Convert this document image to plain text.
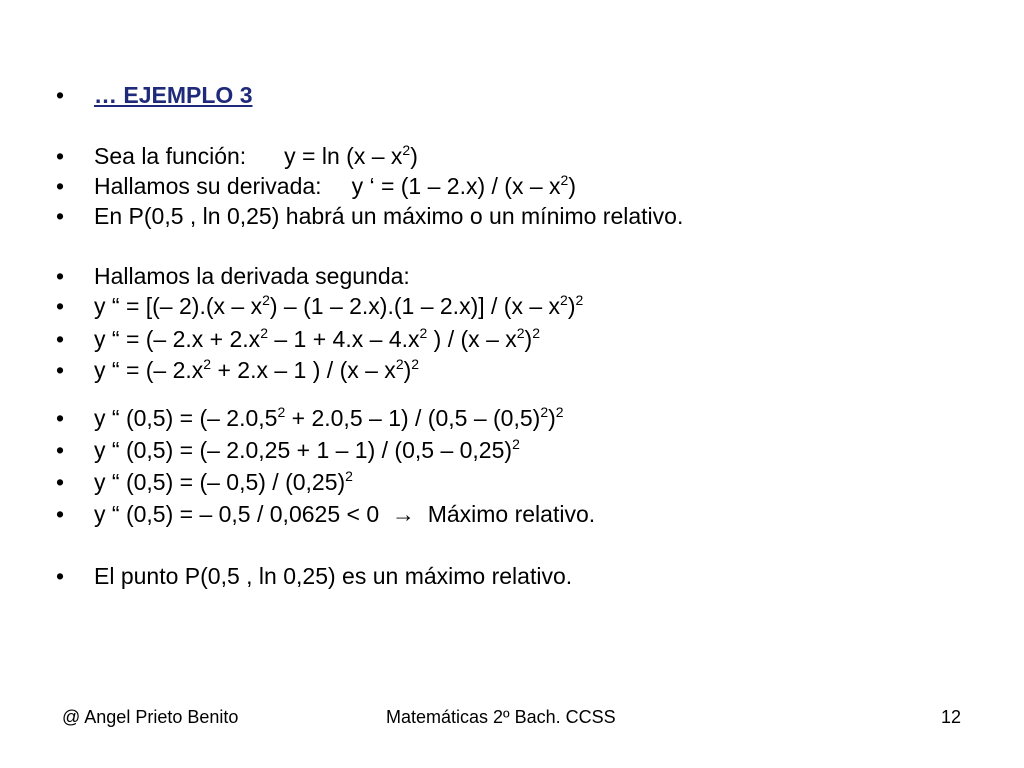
• … EJEMPLO 3
• Sea la función: $y = \ln (x - x^2)$
• Hallamos su derivada: y ‘ = $(1 - 2.x) / (x - x^2)$
• En P(0,5 , ln 0,25) habrá un máximo o un mínimo relativo.
• Hallamos la derivada segunda:
• y “ = [(– $2).(x - x^2) - (1 - 2.x).(1 - 2.x)] / (x - x^2)^2$
• y “ = (– $2.x + 2.x^2 - 1 + 4.x - 4.x^2$ ) / $(x - x^2)^2$
• y “ = (– $2.x^2 + 2.x - 1$ ) / $(x - x^2)^2$
• y “ (0,5) = (– $2.0,5^2 + 2.0,5 - 1) / (0,5 - (0,5)^2)^2$
• y “ (0,5) = (– 2.0,25 + 1 – 1) / (0,5 – 0,25)$^2$
• y “ (0,5) = (– $0,5) / (0,25)^2$
• y “ (0,5) = – 0,5 / 0,0625 < 0 → Máximo relativo.
• El punto P(0,5 , ln 0,25) es un máximo relativo.
@ Angel Prieto Benito	Matemáticas 2º Bach. CCSS	12
